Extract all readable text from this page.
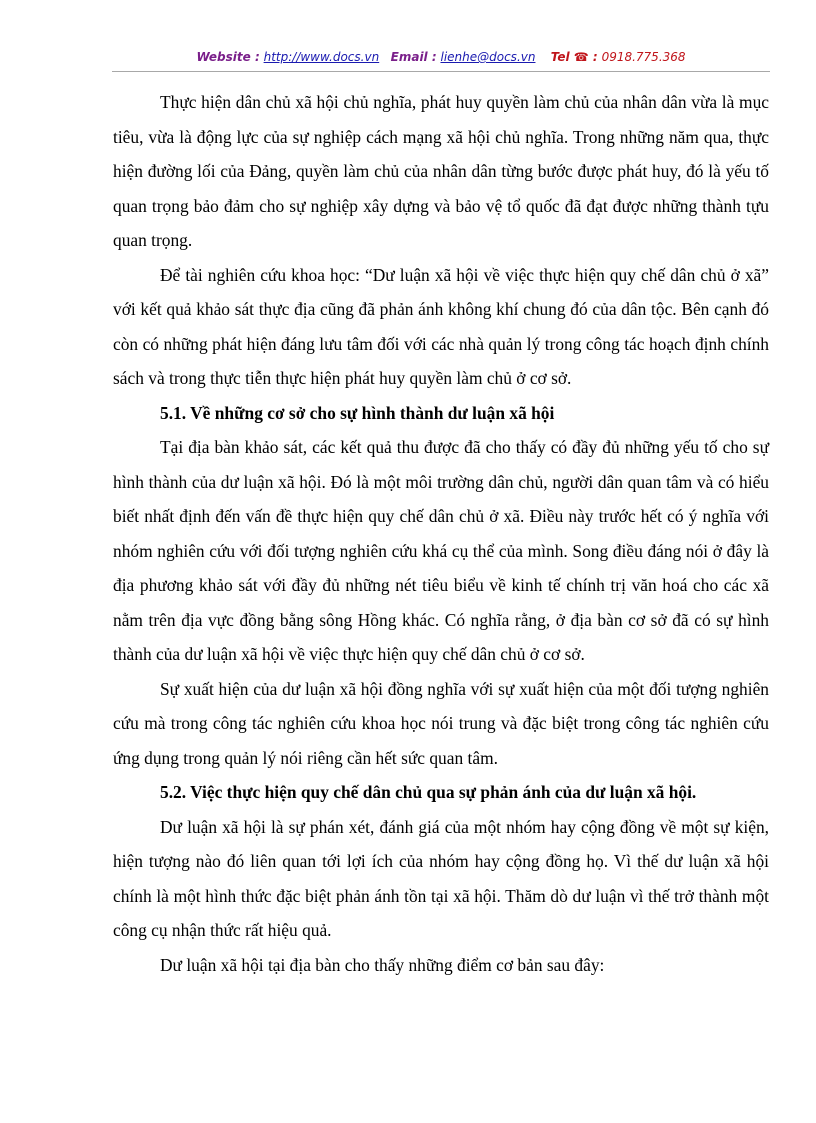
Website : http://www.docs.vn Email : lienhe@docs.vn Tel ☎ : 0918.775.368

Thực hiện dân chủ xã hội chủ nghĩa, phát huy quyền làm chủ của nhân dân vừa là mục tiêu, vừa là động lực của sự nghiệp cách mạng xã hội chủ nghĩa. Trong những năm qua, thực hiện đường lối của Đảng, quyền làm chủ của nhân dân từng bước được phát huy, đó là yếu tố quan trọng bảo đảm cho sự nghiệp xây dựng và bảo vệ tổ quốc đã đạt được những thành tựu quan trọng.

Để tài nghiên cứu khoa học: “Dư luận xã hội về việc thực hiện quy chế dân chủ ở xã” với kết quả khảo sát thực địa cũng đã phản ánh không khí chung đó của dân tộc. Bên cạnh đó còn có những phát hiện đáng lưu tâm đối với các nhà quản lý trong công tác hoạch định chính sách và trong thực tiễn thực hiện phát huy quyền làm chủ ở cơ sở.

5.1. Về những cơ sở cho sự hình thành dư luận xã hội

Tại địa bàn khảo sát, các kết quả thu được đã cho thấy có đầy đủ những yếu tố cho sự hình thành của dư luận xã hội. Đó là một môi trường dân chủ, người dân quan tâm và có hiểu biết nhất định đến vấn đề thực hiện quy chế dân chủ ở xã. Điều này trước hết có ý nghĩa với nhóm nghiên cứu với đối tượng nghiên cứu khá cụ thể của mình. Song điều đáng nói ở đây là địa phương khảo sát với đầy đủ những nét tiêu biểu về kinh tế chính trị văn hoá cho các xã nằm trên địa vực đồng bằng sông Hồng khác. Có nghĩa rằng, ở địa bàn cơ sở đã có sự hình thành của dư luận xã hội về việc thực hiện quy chế dân chủ ở cơ sở.

Sự xuất hiện của dư luận xã hội đồng nghĩa với sự xuất hiện của một đối tượng nghiên cứu mà trong công tác nghiên cứu khoa học nói trung và đặc biệt trong công tác nghiên cứu ứng dụng trong quản lý nói riêng cần hết sức quan tâm.

5.2. Việc thực hiện quy chế dân chủ qua sự phản ánh của dư luận xã hội.

Dư luận xã hội là sự phán xét, đánh giá của một nhóm hay cộng đồng về một sự kiện, hiện tượng nào đó liên quan tới lợi ích của nhóm hay cộng đồng họ. Vì thế dư luận xã hội chính là một hình thức đặc biệt phản ánh tồn tại xã hội. Thăm dò dư luận vì thế trở thành một công cụ nhận thức rất hiệu quả.

Dư luận xã hội tại địa bàn cho thấy những điểm cơ bản sau đây:
